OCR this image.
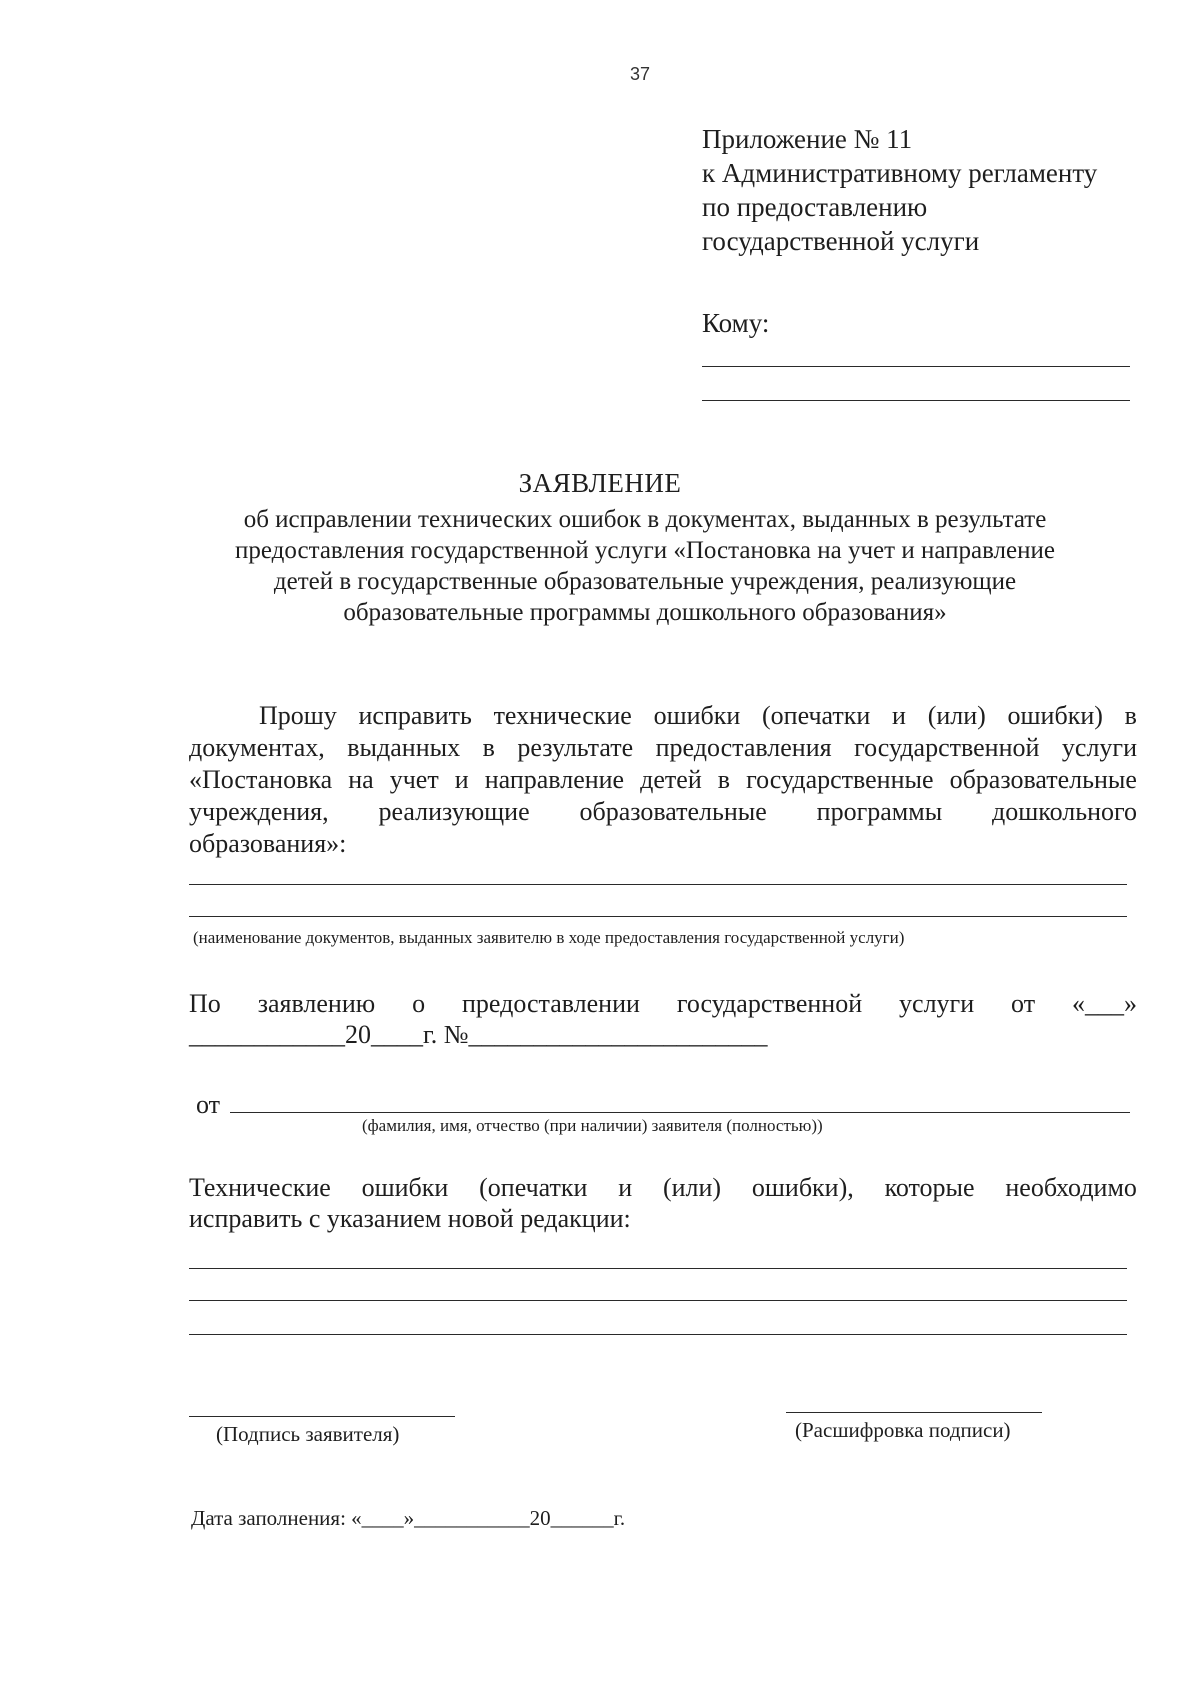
37
Приложение № 11
к Административному регламенту
по предоставлению
государственной услуги
Кому:
ЗАЯВЛЕНИЕ
об исправлении технических ошибок в документах, выданных в результате
предоставления государственной услуги «Постановка на учет и направление
детей в государственные образовательные учреждения, реализующие
образовательные программы дошкольного образования»
Прошу исправить технические ошибки (опечатки и (или) ошибки) в
документах, выданных в результате предоставления государственной услуги
«Постановка на учет и направление детей в государственные образовательные
учреждения, реализующие образовательные программы дошкольного
образования»:
(наименование документов, выданных заявителю в ходе предоставления государственной услуги)
По заявлению о предоставлении государственной услуги от «___»
____________20____г. №_______________________
от
(фамилия, имя, отчество (при наличии) заявителя (полностью))
Технические ошибки (опечатки и (или) ошибки), которые необходимо
исправить с указанием новой редакции:
(Подпись заявителя)	(Расшифровка подписи)
Дата заполнения: «____»___________20______г.
